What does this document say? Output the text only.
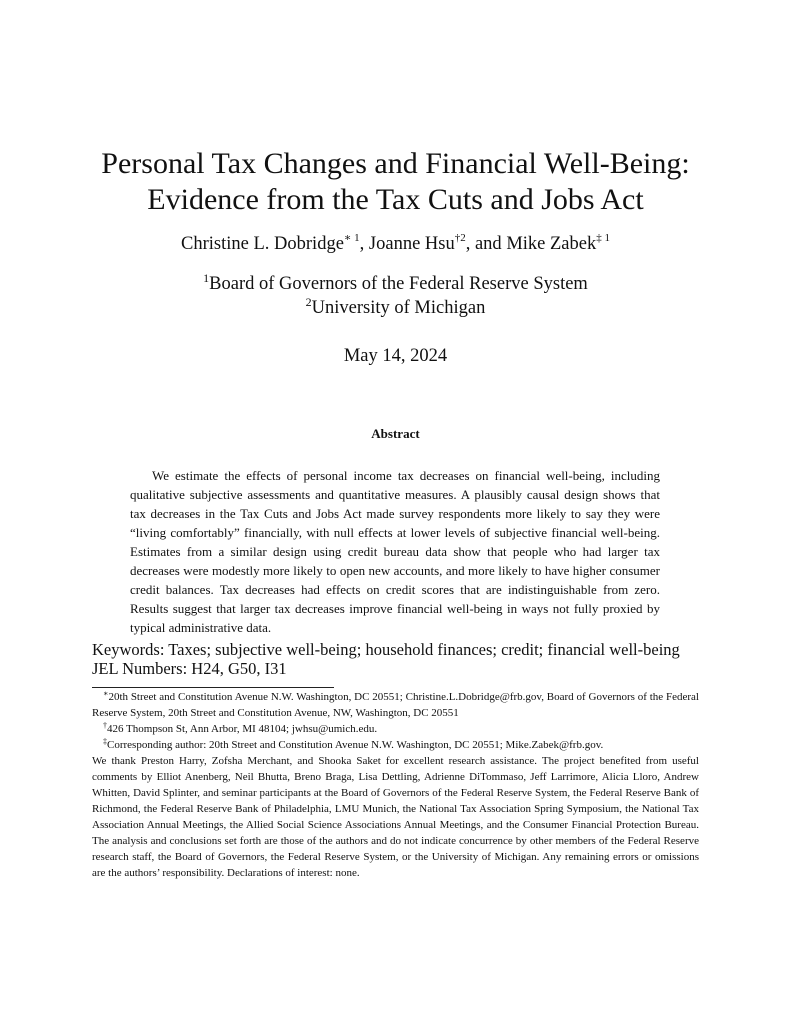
Personal Tax Changes and Financial Well-Being:
Evidence from the Tax Cuts and Jobs Act
Christine L. Dobridge$^{∗ 1}$, Joanne Hsu$^{\dagger 2}$, and Mike Zabek$^{\ddagger 1}$
$^1$Board of Governors of the Federal Reserve System
$^2$University of Michigan
May 14, 2024
Abstract
We estimate the effects of personal income tax decreases on financial well-being, including qualitative subjective assessments and quantitative measures. A plausibly causal design shows that tax decreases in the Tax Cuts and Jobs Act made survey respondents more likely to say they were “living comfortably” financially, with null effects at lower levels of subjective financial well-being. Estimates from a similar design using credit bureau data show that people who had larger tax decreases were modestly more likely to open new accounts, and more likely to have higher consumer credit balances. Tax decreases had effects on credit scores that are indistinguishable from zero. Results suggest that larger tax decreases improve financial well-being in ways not fully proxied by typical administrative data.
Keywords: Taxes; subjective well-being; household finances; credit; financial well-being
JEL Numbers: H24, G50, I31

∗20th Street and Constitution Avenue N.W. Washington, DC 20551; Christine.L.Dobridge@frb.gov, Board of Governors of the Federal Reserve System, 20th Street and Constitution Avenue, NW, Washington, DC 20551

†426 Thompson St, Ann Arbor, MI 48104; jwhsu@umich.edu.

‡Corresponding author: 20th Street and Constitution Avenue N.W. Washington, DC 20551; Mike.Zabek@frb.gov.

We thank Preston Harry, Zofsha Merchant, and Shooka Saket for excellent research assistance. The project benefited from useful comments by Elliot Anenberg, Neil Bhutta, Breno Braga, Lisa Dettling, Adrienne DiTommaso, Jeff Larrimore, Alicia Lloro, Andrew Whitten, David Splinter, and seminar participants at the Board of Governors of the Federal Reserve System, the Federal Reserve Bank of Richmond, the Federal Reserve Bank of Philadelphia, LMU Munich, the National Tax Association Spring Symposium, the National Tax Association Annual Meetings, the Allied Social Science Associations Annual Meetings, and the Consumer Financial Protection Bureau. The analysis and conclusions set forth are those of the authors and do not indicate concurrence by other members of the Federal Reserve research staff, the Board of Governors, the Federal Reserve System, or the University of Michigan. Any remaining errors or omissions are the authors’ responsibility. Declarations of interest: none.
